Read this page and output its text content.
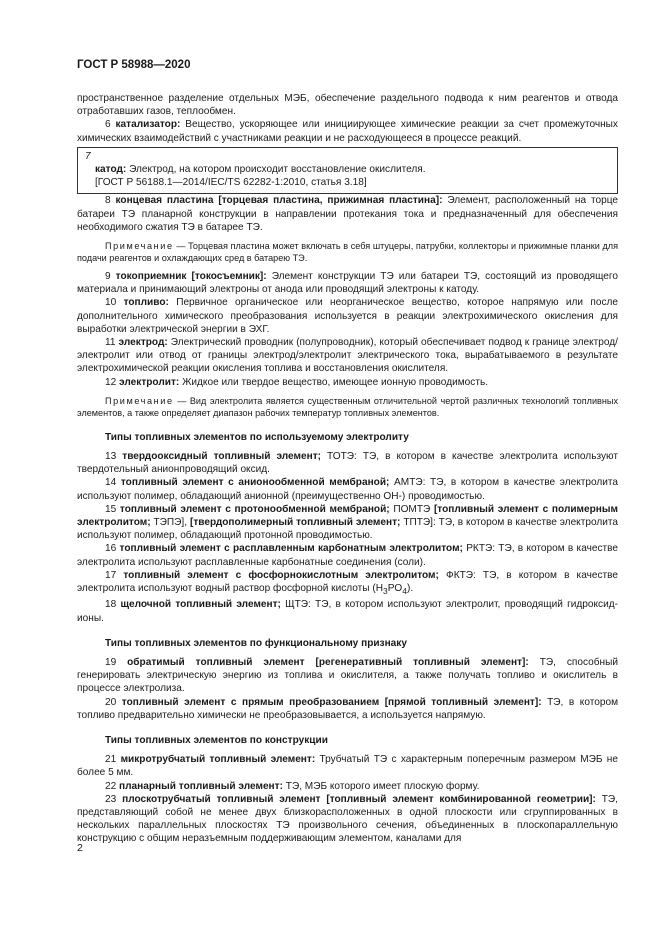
ГОСТ Р 58988—2020

пространственное разделение отдельных МЭБ, обеспечение раздельного подвода к ним реагентов и отвода отработавших газов, теплообмен.

6 катализатор: Вещество, ускоряющее или инициирующее химические реакции за счет промежуточных химических взаимодействий с участниками реакции и не расходующееся в процессе реакций.

7

катод: Электрод, на котором происходит восстановление окислителя.

[ГОСТ Р 56188.1—2014/IEC/TS 62282-1:2010, статья 3.18]

8 концевая пластина [торцевая пластина, прижимная пластина]: Элемент, расположенный на торце батареи ТЭ планарной конструкции в направлении протекания тока и предназначенный для обеспечения необходимого сжатия ТЭ в батарее ТЭ.

Примечание — Торцевая пластина может включать в себя штуцеры, патрубки, коллекторы и прижимные планки для подачи реагентов и охлаждающих сред в батарею ТЭ.

9 токоприемник [токосъемник]: Элемент конструкции ТЭ или батареи ТЭ, состоящий из проводящего материала и принимающий электроны от анода или проводящий электроны к катоду.

10 топливо: Первичное органическое или неорганическое вещество, которое напрямую или после дополнительного химического преобразования используется в реакции электрохимического окисления для выработки электрической энергии в ЭХГ.

11 электрод: Электрический проводник (полупроводник), который обеспечивает подвод к границе электрод/электролит или отвод от границы электрод/электролит электрического тока, вырабатываемого в результате электрохимической реакции окисления топлива и восстановления окислителя.

12 электролит: Жидкое или твердое вещество, имеющее ионную проводимость.

Примечание — Вид электролита является существенным отличительной чертой различных технологий топливных элементов, а также определяет диапазон рабочих температур топливных элементов.

Типы топливных элементов по используемому электролиту

13 твердооксидный топливный элемент; ТОТЭ: ТЭ, в котором в качестве электролита используют твердотельный анионпроводящий оксид.

14 топливный элемент с анионообменной мембраной; АМТЭ: ТЭ, в котором в качестве электролита используют полимер, обладающий анионной (преимущественно ОН-) проводимостью.

15 топливный элемент с протонообменной мембраной; ПОМТЭ [топливный элемент с полимерным электролитом; ТЭПЭ], [твердополимерный топливный элемент; ТПТЭ]: ТЭ, в котором в качестве электролита используют полимер, обладающий протонной проводимостью.

16 топливный элемент с расплавленным карбонатным электролитом; РКТЭ: ТЭ, в котором в качестве электролита используют расплавленные карбонатные соединения (соли).

17 топливный элемент с фосфорнокислотным электролитом; ФКТЭ: ТЭ, в котором в качестве электролита используют водный раствор фосфорной кислоты $(H_3PO_4)$.

18 щелочной топливный элемент; ЩТЭ: ТЭ, в котором используют электролит, проводящий гидроксид-ионы.

Типы топливных элементов по функциональному признаку

19 обратимый топливный элемент [регенеративный топливный элемент]: ТЭ, способный генерировать электрическую энергию из топлива и окислителя, а также получать топливо и окислитель в процессе электролиза.

20 топливный элемент с прямым преобразованием [прямой топливный элемент]: ТЭ, в котором топливо предварительно химически не преобразовывается, а используется напрямую.

Типы топливных элементов по конструкции

21 микротрубчатый топливный элемент: Трубчатый ТЭ с характерным поперечным размером МЭБ не более 5 мм.

22 планарный топливный элемент: ТЭ, МЭБ которого имеет плоскую форму.

23 плоскотрубчатый топливный элемент [топливный элемент комбинированной геометрии]: ТЭ, представляющий собой не менее двух близкорасположенных в одной плоскости или сгруппированных в нескольких параллельных плоскостях ТЭ произвольного сечения, объединенных в плоскопараллельную конструкцию с общим неразъемным поддерживающим элементом, каналами для

2
